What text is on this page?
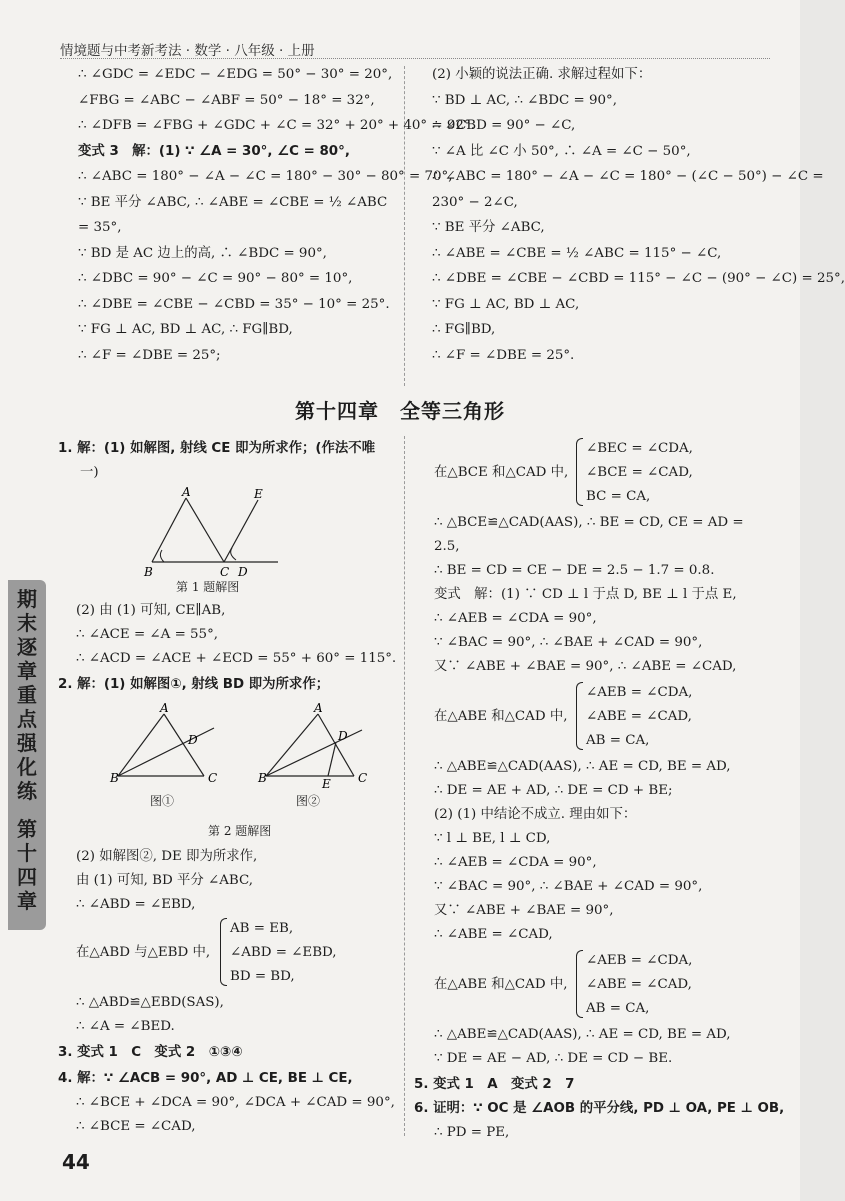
情境题与中考新考法 · 数学 · 八年级 · 上册
∴ ∠GDC = ∠EDC − ∠EDG = 50° − 30° = 20°,
∠FBG = ∠ABC − ∠ABF = 50° − 18° = 32°,
∴ ∠DFB = ∠FBG + ∠GDC + ∠C = 32° + 20° + 40° = 92°.
变式 3　解：(1) ∵ ∠A = 30°, ∠C = 80°,
∴ ∠ABC = 180° − ∠A − ∠C = 180° − 30° − 80° = 70°,
∵ BE 平分 ∠ABC, ∴ ∠ABE = ∠CBE = ½ ∠ABC
= 35°,
∵ BD 是 AC 边上的高, ∴ ∠BDC = 90°,
∴ ∠DBC = 90° − ∠C = 90° − 80° = 10°,
∴ ∠DBE = ∠CBE − ∠CBD = 35° − 10° = 25°.
∵ FG ⊥ AC, BD ⊥ AC, ∴ FG∥BD,
∴ ∠F = ∠DBE = 25°;
(2) 小颖的说法正确. 求解过程如下：
∵ BD ⊥ AC, ∴ ∠BDC = 90°,
∴ ∠CBD = 90° − ∠C,
∵ ∠A 比 ∠C 小 50°, ∴ ∠A = ∠C − 50°,
∴ ∠ABC = 180° − ∠A − ∠C = 180° − (∠C − 50°) − ∠C =
230° − 2∠C,
∵ BE 平分 ∠ABC,
∴ ∠ABE = ∠CBE = ½ ∠ABC = 115° − ∠C,
∴ ∠DBE = ∠CBE − ∠CBD = 115° − ∠C − (90° − ∠C) = 25°,
∵ FG ⊥ AC, BD ⊥ AC,
∴ FG∥BD,
∴ ∠F = ∠DBE = 25°.
第十四章　全等三角形
1. 解：(1) 如解图, 射线 CE 即为所求作；(作法不唯
一)
A	E
B	C D
第 1 题解图
(2) 由 (1) 可知, CE∥AB,
∴ ∠ACE = ∠A = 55°,
∴ ∠ACD = ∠ACE + ∠ECD = 55° + 60° = 115°.
2. 解：(1) 如解图①, 射线 BD 即为所求作；
A
D
B	C
A
D
E
B	C
图①	图②
第 2 题解图
(2) 如解图②, DE 即为所求作,
由 (1) 可知, BD 平分 ∠ABC,
∴ ∠ABD = ∠EBD,
在△ABD 与△EBD 中,
AB = EB,
∠ABD = ∠EBD,
BD = BD,
∴ △ABD≌△EBD(SAS),
∴ ∠A = ∠BED.
3. 变式 1　C　变式 2　①③④
4. 解：∵ ∠ACB = 90°, AD ⊥ CE, BE ⊥ CE,
∴ ∠BCE + ∠DCA = 90°, ∠DCA + ∠CAD = 90°,
∴ ∠BCE = ∠CAD,
在△BCE 和△CAD 中,
∠BEC = ∠CDA,
∠BCE = ∠CAD,
BC = CA,
∴ △BCE≌△CAD(AAS), ∴ BE = CD, CE = AD =
2.5,
∴ BE = CD = CE − DE = 2.5 − 1.7 = 0.8.
变式　解：(1) ∵ CD ⊥ l 于点 D, BE ⊥ l 于点 E,
∴ ∠AEB = ∠CDA = 90°,
∵ ∠BAC = 90°, ∴ ∠BAE + ∠CAD = 90°,
又∵ ∠ABE + ∠BAE = 90°, ∴ ∠ABE = ∠CAD,
在△ABE 和△CAD 中,
∠AEB = ∠CDA,
∠ABE = ∠CAD,
AB = CA,
∴ △ABE≌△CAD(AAS), ∴ AE = CD, BE = AD,
∴ DE = AE + AD, ∴ DE = CD + BE;
(2) (1) 中结论不成立. 理由如下：
∵ l ⊥ BE, l ⊥ CD,
∴ ∠AEB = ∠CDA = 90°,
∵ ∠BAC = 90°, ∴ ∠BAE + ∠CAD = 90°,
又∵ ∠ABE + ∠BAE = 90°,
∴ ∠ABE = ∠CAD,
在△ABE 和△CAD 中,
∠AEB = ∠CDA,
∠ABE = ∠CAD,
AB = CA,
∴ △ABE≌△CAD(AAS), ∴ AE = CD, BE = AD,
∵ DE = AE − AD, ∴ DE = CD − BE.
5. 变式 1　A　变式 2　7
6. 证明：∵ OC 是 ∠AOB 的平分线, PD ⊥ OA, PE ⊥ OB,
∴ PD = PE,
期
末
逐
章
重
点
强
化
练
第
十
四
章
44
